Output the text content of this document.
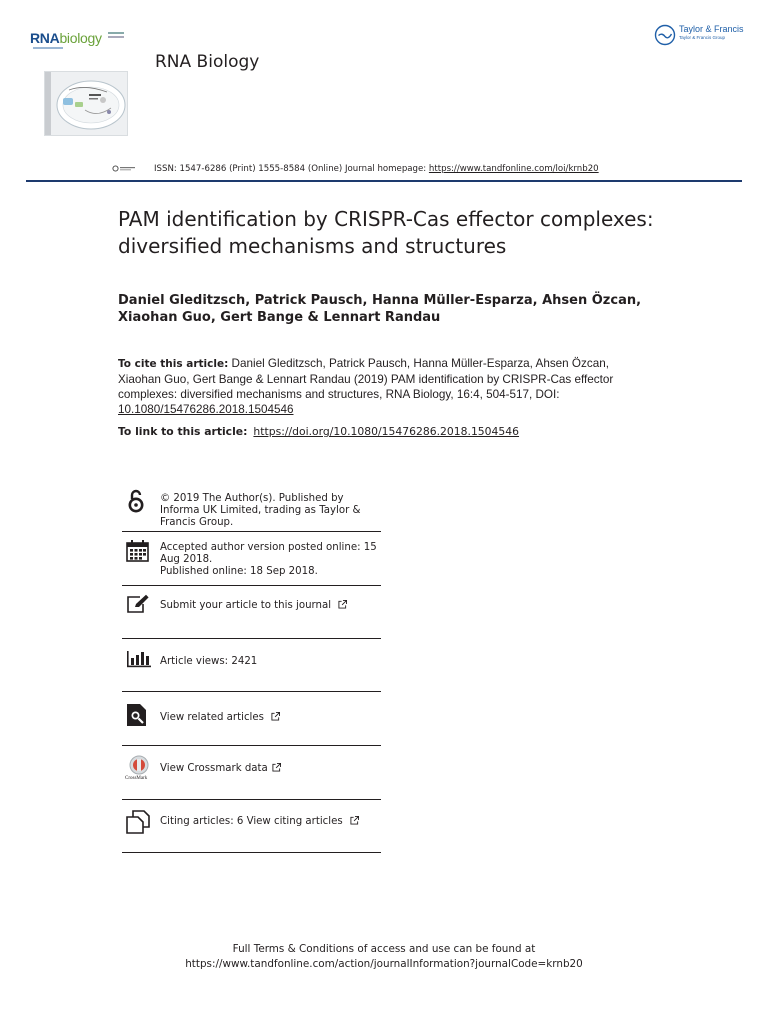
RNAbiology
RNA Biology
Taylor & Francis
Taylor & Francis Group
ISSN: 1547-6286 (Print) 1555-8584 (Online) Journal homepage: https://www.tandfonline.com/loi/krnb20
PAM identification by CRISPR-Cas effector complexes: diversified mechanisms and structures
Daniel Gleditzsch, Patrick Pausch, Hanna Müller-Esparza, Ahsen Özcan, Xiaohan Guo, Gert Bange & Lennart Randau
To cite this article: Daniel Gleditzsch, Patrick Pausch, Hanna Müller-Esparza, Ahsen Özcan, Xiaohan Guo, Gert Bange & Lennart Randau (2019) PAM identification by CRISPR-Cas effector complexes: diversified mechanisms and structures, RNA Biology, 16:4, 504-517, DOI: 10.1080/15476286.2018.1504546
To link to this article: https://doi.org/10.1080/15476286.2018.1504546
© 2019 The Author(s). Published by Informa UK Limited, trading as Taylor & Francis Group.
Accepted author version posted online: 15 Aug 2018.
Published online: 18 Sep 2018.
Submit your article to this journal
Article views: 2421
View related articles
CrossMark
View Crossmark data
Citing articles: 6 View citing articles
Full Terms & Conditions of access and use can be found at
https://www.tandfonline.com/action/journalInformation?journalCode=krnb20
